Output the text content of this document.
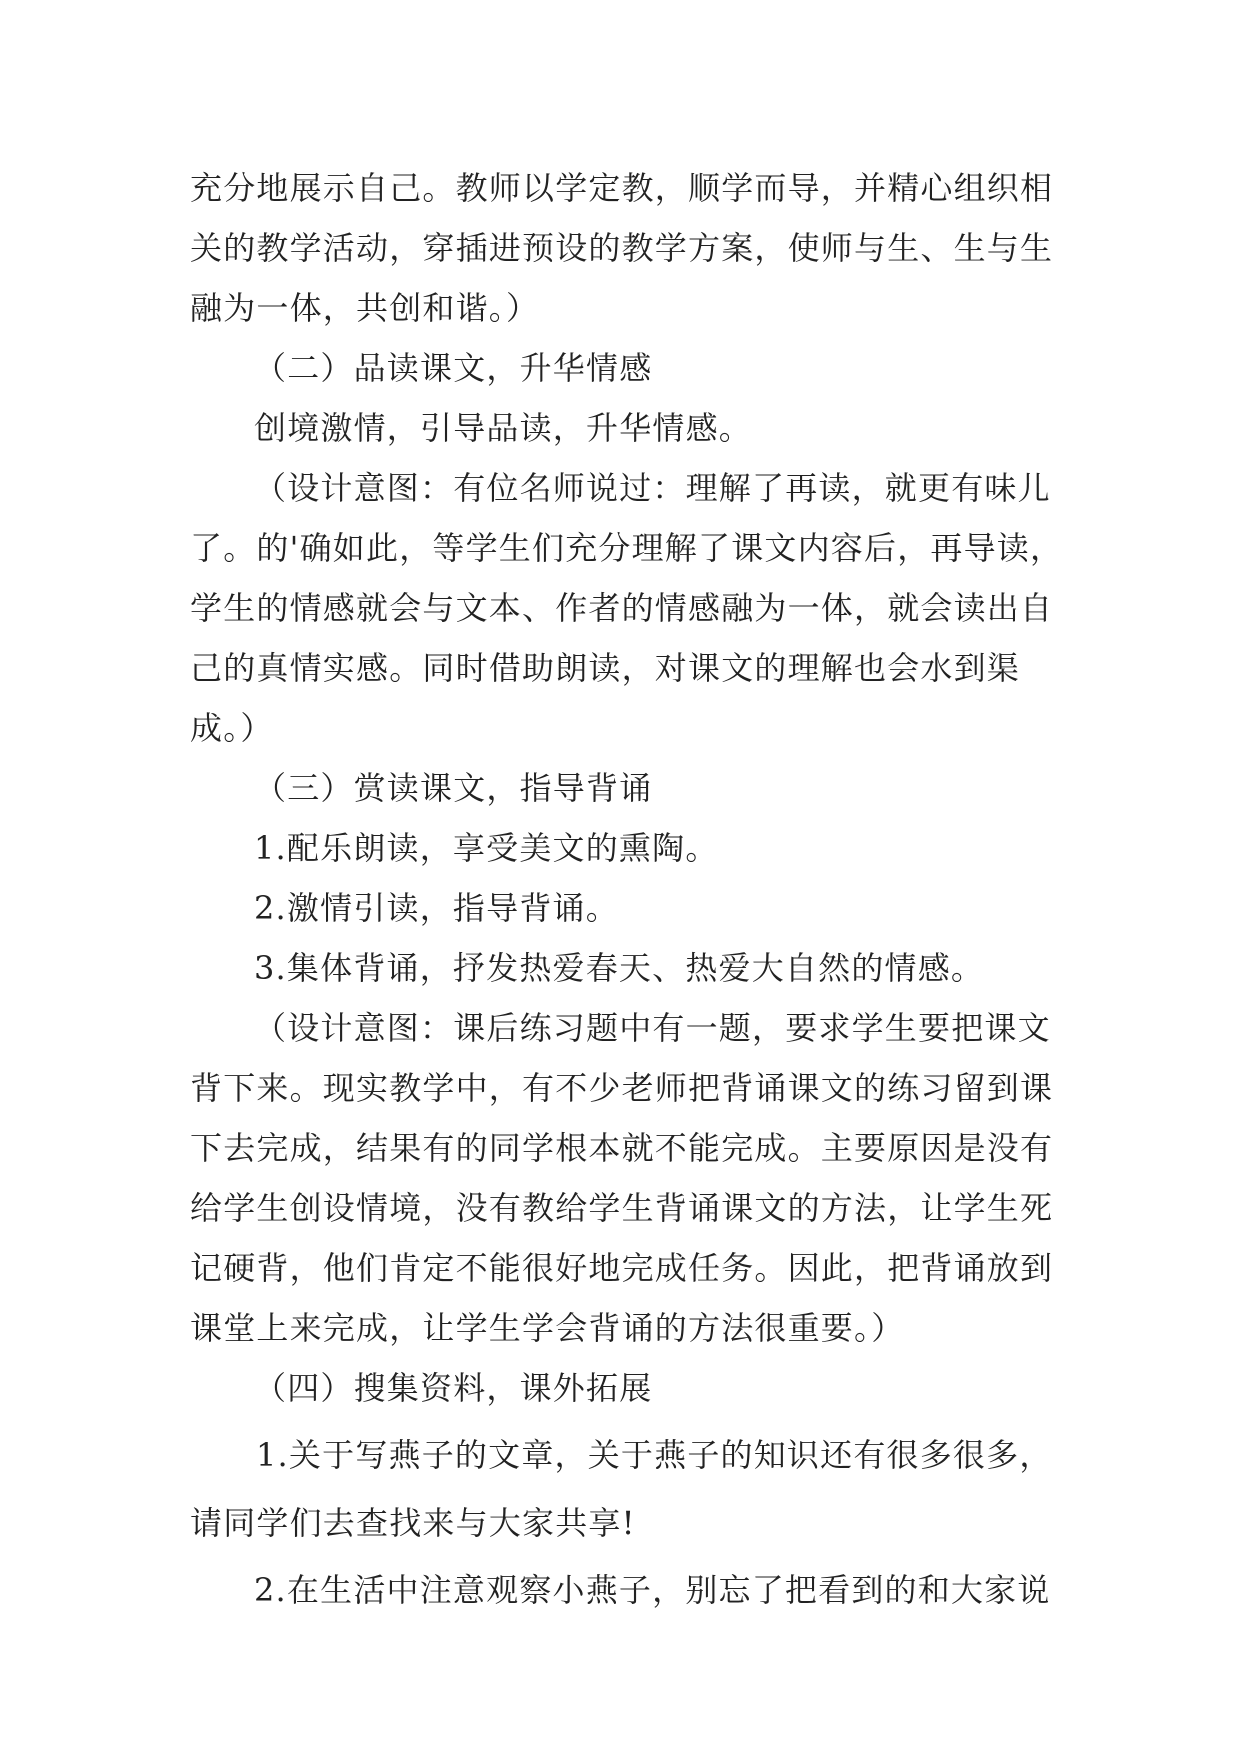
充分地展示自己。教师以学定教，顺学而导，并精心组织相
关的教学活动，穿插进预设的教学方案，使师与生、生与生
融为一体，共创和谐。）
（二）品读课文，升华情感
创境激情，引导品读，升华情感。
（设计意图：有位名师说过：理解了再读，就更有味儿
了。的'确如此，等学生们充分理解了课文内容后，再导读，
学生的情感就会与文本、作者的情感融为一体，就会读出自
己的真情实感。同时借助朗读，对课文的理解也会水到渠
成。）
（三）赏读课文，指导背诵
1.配乐朗读，享受美文的熏陶。
2.激情引读，指导背诵。
3.集体背诵，抒发热爱春天、热爱大自然的情感。
（设计意图：课后练习题中有一题，要求学生要把课文
背下来。现实教学中，有不少老师把背诵课文的练习留到课
下去完成，结果有的同学根本就不能完成。主要原因是没有
给学生创设情境，没有教给学生背诵课文的方法，让学生死
记硬背，他们肯定不能很好地完成任务。因此，把背诵放到
课堂上来完成，让学生学会背诵的方法很重要。）
（四）搜集资料，课外拓展
1.关于写燕子的文章，关于燕子的知识还有很多很多，
请同学们去查找来与大家共享!
2.在生活中注意观察小燕子，别忘了把看到的和大家说
